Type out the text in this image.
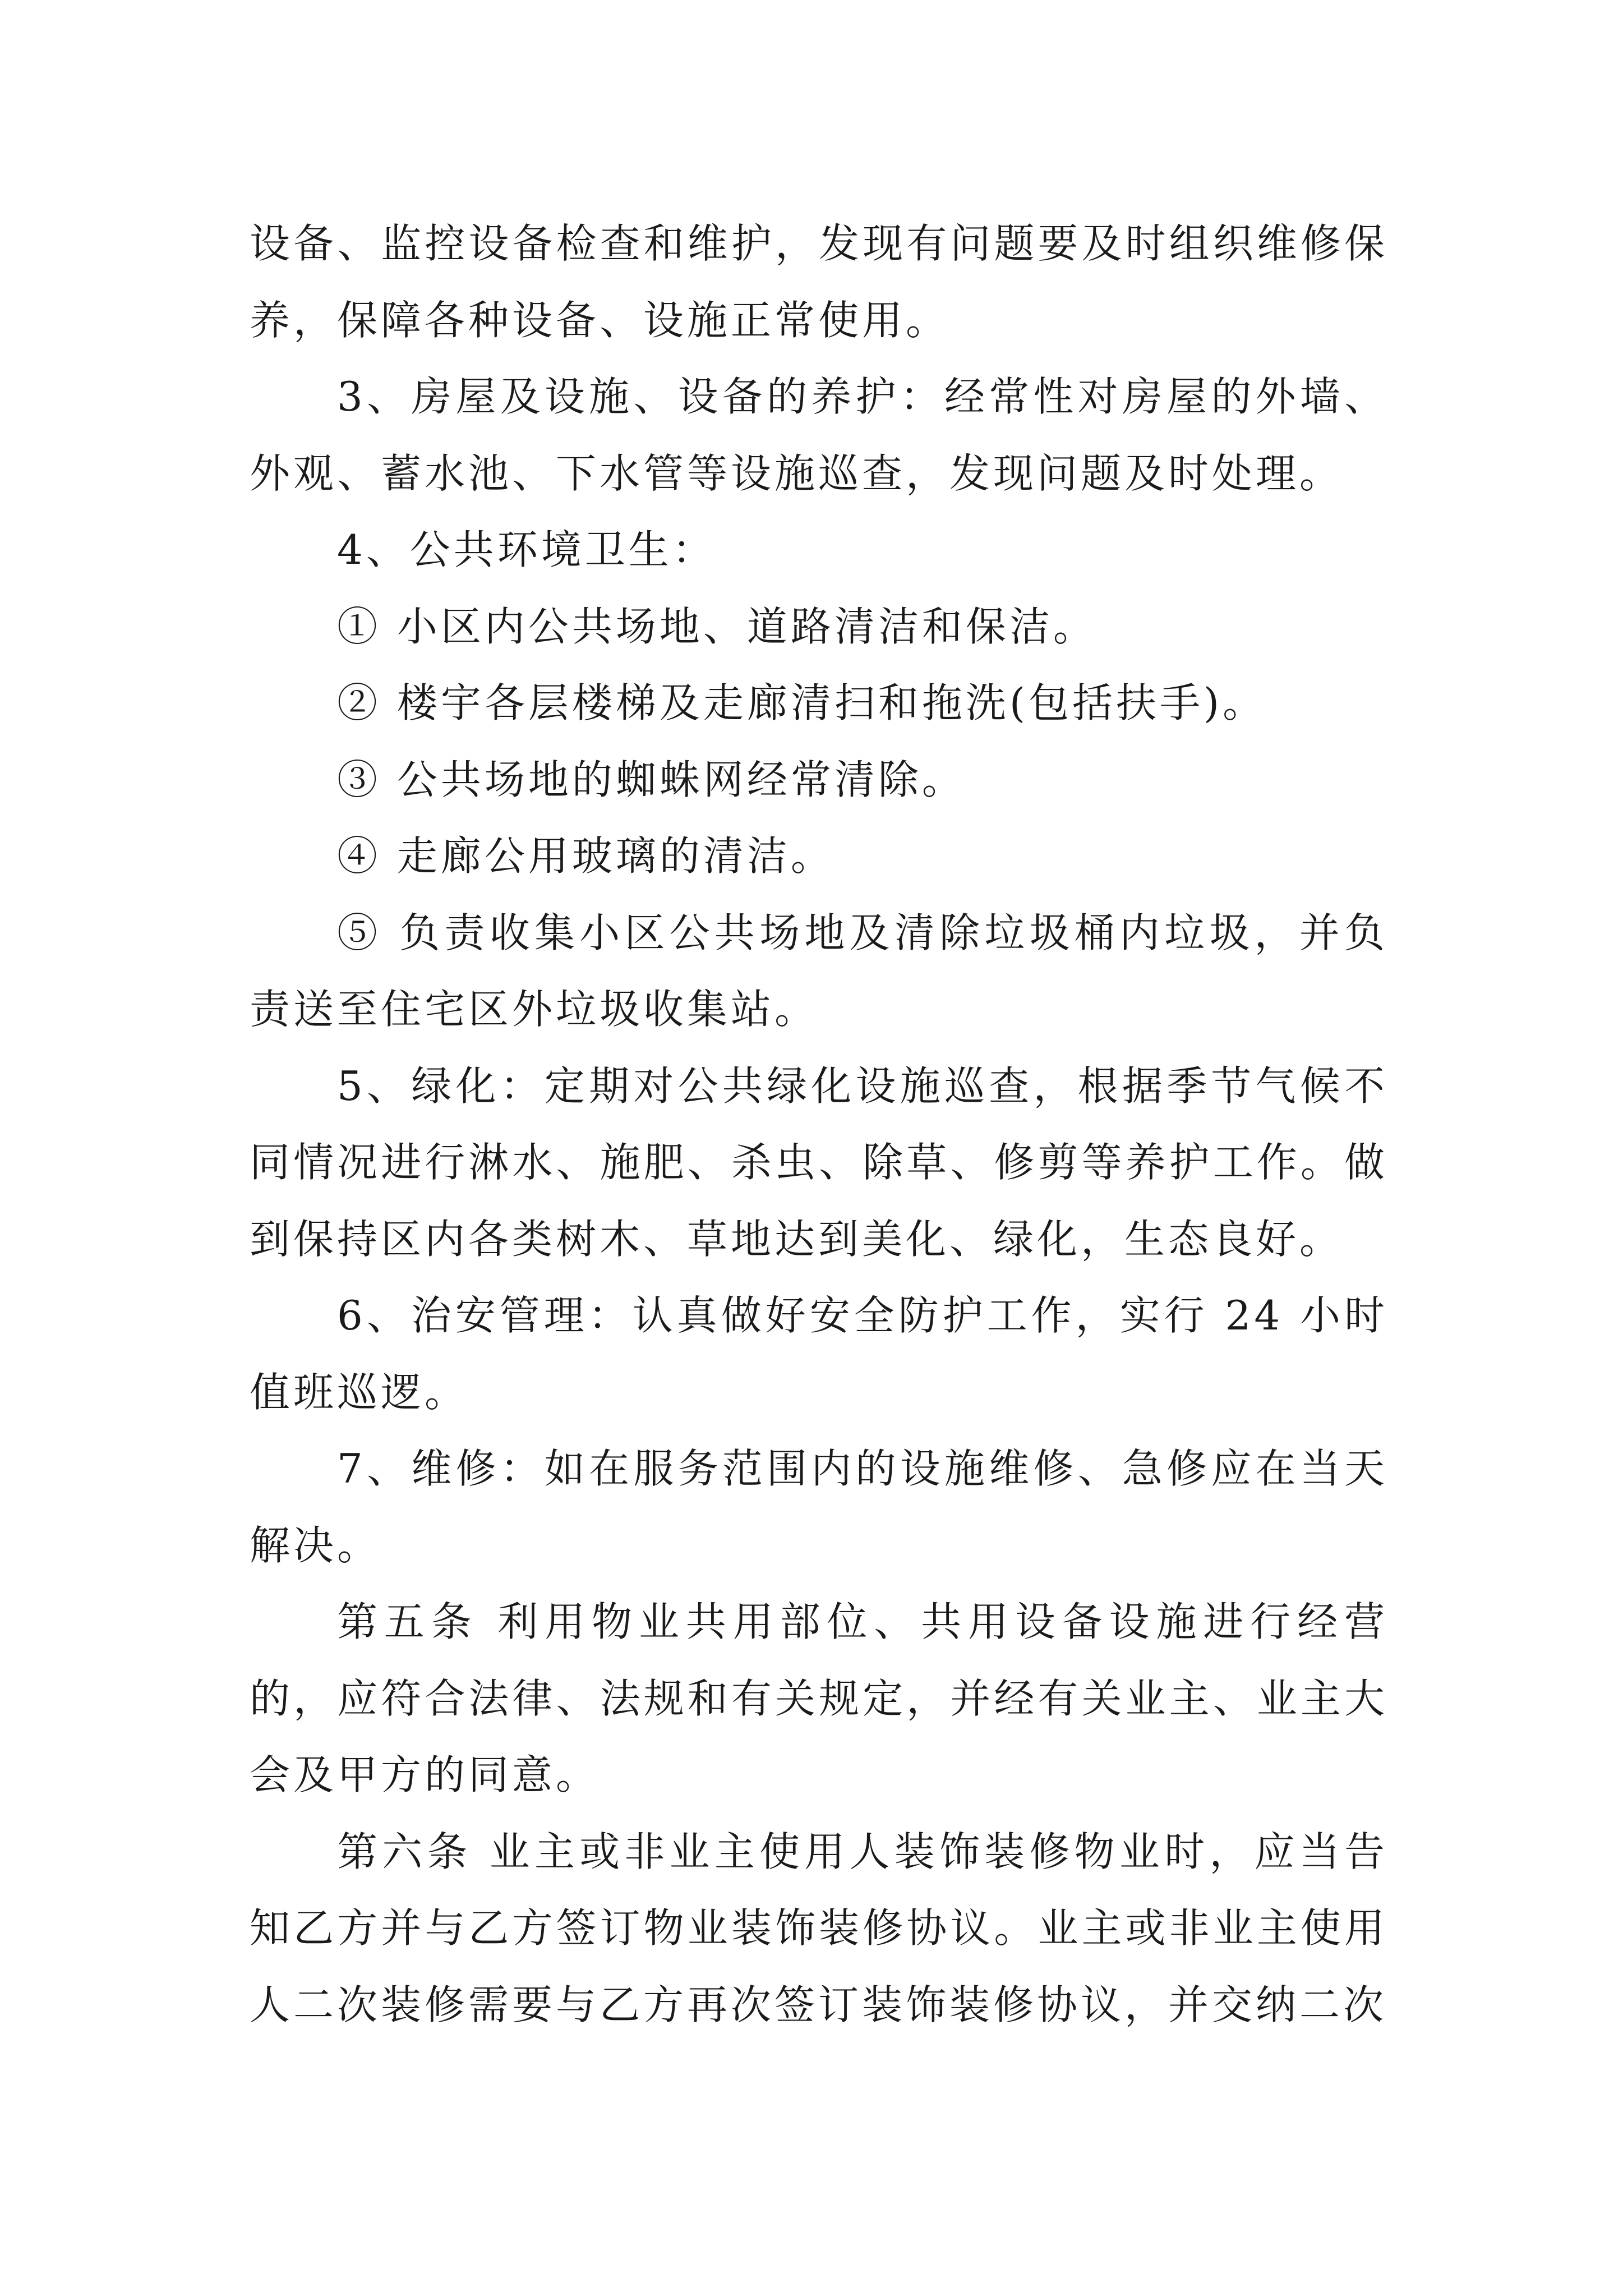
设备、监控设备检查和维护，发现有问题要及时组织维修保养，保障各种设备、设施正常使用。

3、房屋及设施、设备的养护：经常性对房屋的外墙、外观、蓄水池、下水管等设施巡查，发现问题及时处理。

4、公共环境卫生：

① 小区内公共场地、道路清洁和保洁。

② 楼宇各层楼梯及走廊清扫和拖洗(包括扶手)。

③ 公共场地的蜘蛛网经常清除。

④ 走廊公用玻璃的清洁。

⑤ 负责收集小区公共场地及清除垃圾桶内垃圾，并负责送至住宅区外垃圾收集站。

5、绿化：定期对公共绿化设施巡查，根据季节气候不同情况进行淋水、施肥、杀虫、除草、修剪等养护工作。做到保持区内各类树木、草地达到美化、绿化，生态良好。

6、治安管理：认真做好安全防护工作，实行 24 小时值班巡逻。

7、维修：如在服务范围内的设施维修、急修应在当天解决。

第五条 利用物业共用部位、共用设备设施进行经营的，应符合法律、法规和有关规定，并经有关业主、业主大会及甲方的同意。

第六条 业主或非业主使用人装饰装修物业时，应当告知乙方并与乙方签订物业装饰装修协议。业主或非业主使用人二次装修需要与乙方再次签订装饰装修协议，并交纳二次
